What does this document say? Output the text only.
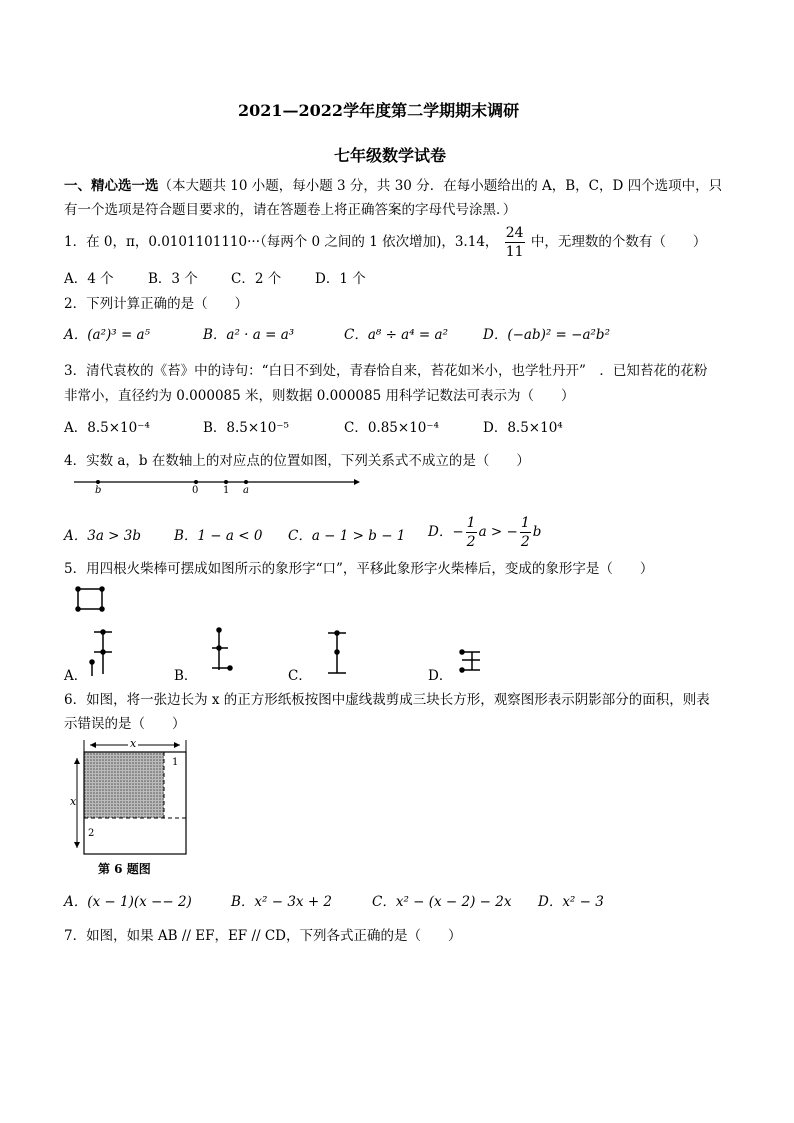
2021—2022学年度第二学期期末调研
七年级数学试卷
一、精心选一选（本大题共 10 小题，每小题 3 分，共 30 分．在每小题给出的 A，B，C，D 四个选项中，只
有一个选项是符合题目要求的，请在答题卷上将正确答案的字母代号涂黑．）
1．在 0，π，0.0101101110···（每两个 0 之间的 1 依次增加)，3.14， $\frac{24}{11}$ 中，无理数的个数有（　　）
A．4 个	B．3 个 C．2 个	D．1 个
2．下列计算正确的是（　　）
A．(a²)³ = a⁵	B．a² · a = a³	C．a⁸ ÷ a⁴ = a²	D．(−ab)² = −a²b²
3．清代袁枚的《苔》中的诗句：“白日不到处，青春恰自来，苔花如米小，也学牡丹开”　．已知苔花的花粉
非常小，直径约为 0.000085 米，则数据 0.000085 用科学记数法可表示为（　　）
A．8.5×10⁻⁴	B．8.5×10⁻⁵	C．0.85×10⁻⁴	D．8.5×10⁴
4．实数 a，b 在数轴上的对应点的位置如图，下列关系式不成立的是（　　）
b	0 1 a
A．3a > 3b B．1 − a < 0 C．a − 1 > b − 1 D．− $\frac{1}{2}$ a > − $\frac{1}{2}$ b
5．用四根火柴棒可摆成如图所示的象形字“口”，平移此象形字火柴棒后，变成的象形字是（　　）
A．	B．	C．	D．
6．如图，将一张边长为 x 的正方形纸板按图中虚线裁剪成三块长方形，观察图形表示阴影部分的面积，则表
示错误的是（　　）
x
x
1
2
第 6 题图
A．(x − 1)(x −− 2)	B．x² − 3x + 2	C．x² − (x − 2) − 2x D．x² − 3
7．如图，如果 AB // EF，EF // CD，下列各式正确的是（　　）
